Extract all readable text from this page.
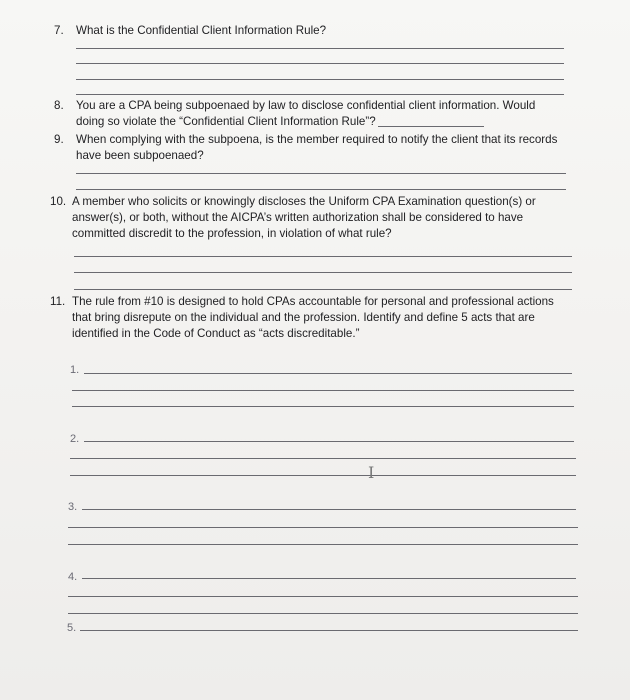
7. What is the Confidential Client Information Rule?
8. You are a CPA being subpoenaed by law to disclose confidential client information. Would doing so violate the “Confidential Client Information Rule”?
9. When complying with the subpoena, is the member required to notify the client that its records have been subpoenaed?
10. A member who solicits or knowingly discloses the Uniform CPA Examination question(s) or answer(s), or both, without the AICPA’s written authorization shall be considered to have committed discredit to the profession, in violation of what rule?
11. The rule from #10 is designed to hold CPAs accountable for personal and professional actions that bring disrepute on the individual and the profession. Identify and define 5 acts that are identified in the Code of Conduct as “acts discreditable.”
1.
2.
I
3.
4.
5.
